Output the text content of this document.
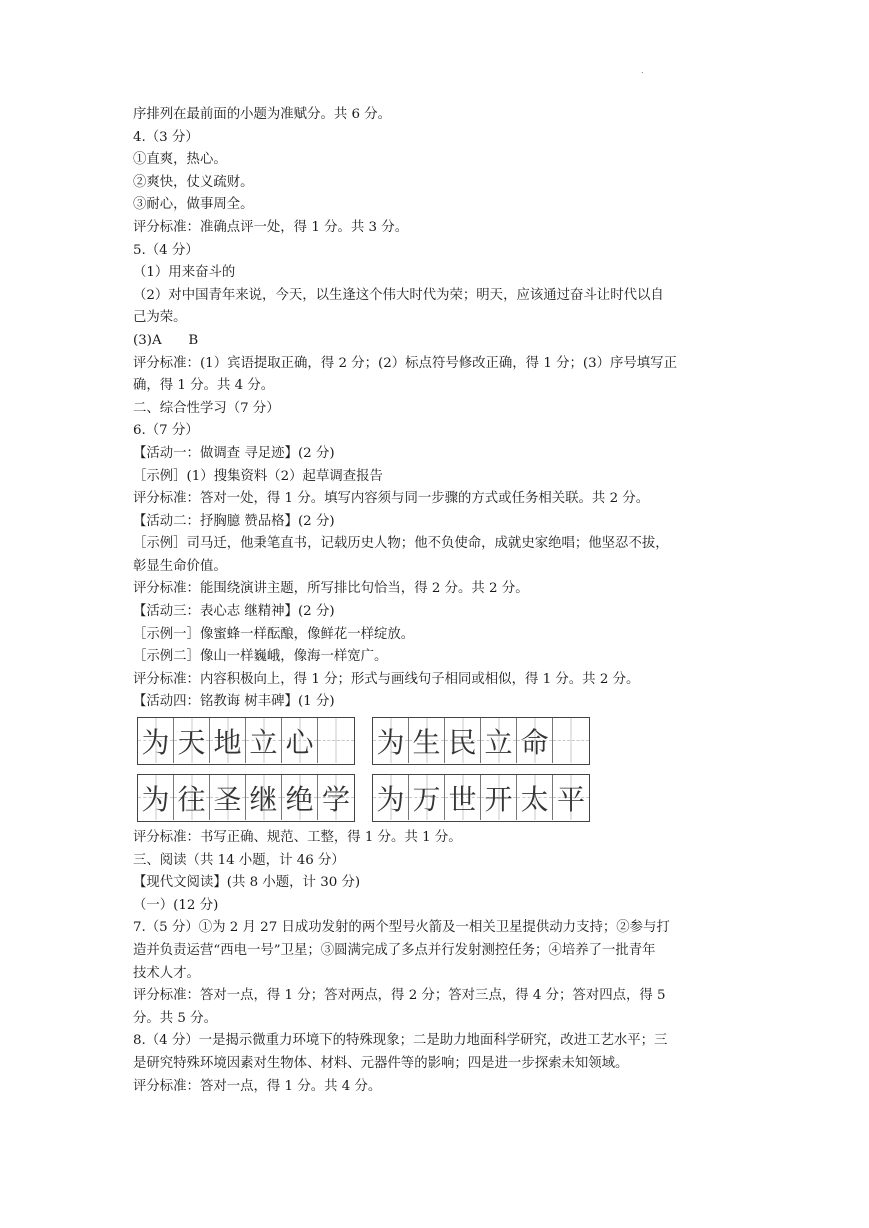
.
序排列在最前面的小题为准赋分。共 6 分。
4.（3 分）
①直爽，热心。
②爽快，仗义疏财。
③耐心，做事周全。
评分标准：准确点评一处，得 1 分。共 3 分。
5.（4 分）
（1）用来奋斗的
（2）对中国青年来说，今天，以生逢这个伟大时代为荣；明天，应该通过奋斗让时代以自
己为荣。
(3)A　　B
评分标准：(1）宾语提取正确，得 2 分；(2）标点符号修改正确，得 1 分；(3）序号填写正
确，得 1 分。共 4 分。
二、综合性学习（7 分）
6.（7 分）
【活动一：做调查 寻足迹】(2 分)
［示例］(1）搜集资料（2）起草调查报告
评分标准：答对一处，得 1 分。填写内容须与同一步骤的方式或任务相关联。共 2 分。
【活动二：抒胸臆 赞品格】(2 分)
［示例］司马迁，他秉笔直书，记载历史人物；他不负使命，成就史家绝唱；他坚忍不拔，
彰显生命价值。
评分标准：能围绕演讲主题，所写排比句恰当，得 2 分。共 2 分。
【活动三：表心志 继精神】(2 分)
［示例一］像蜜蜂一样酝酿，像鲜花一样绽放。
［示例二］像山一样巍峨，像海一样宽广。
评分标准：内容积极向上，得 1 分；形式与画线句子相同或相似，得 1 分。共 2 分。
【活动四：铭教诲 树丰碑】(1 分)
为 天 地 立 心 为 生 民 立 命
为 往 圣 继 绝 学 为 万 世 开 太 平
评分标准：书写正确、规范、工整，得 1 分。共 1 分。
三、阅读（共 14 小题，计 46 分）
【现代文阅读】(共 8 小题，计 30 分)
（一）(12 分)
7.（5 分）①为 2 月 27 日成功发射的两个型号火箭及一相关卫星提供动力支持；②参与打
造并负责运营“西电一号”卫星；③圆满完成了多点并行发射测控任务；④培养了一批青年
技术人才。
评分标准：答对一点，得 1 分；答对两点，得 2 分；答对三点，得 4 分；答对四点，得 5
分。共 5 分。
8.（4 分）一是揭示微重力环境下的特殊现象；二是助力地面科学研究，改进工艺水平；三
是研究特殊环境因素对生物体、材料、元器件等的影响；四是进一步探索未知领域。
评分标准：答对一点，得 1 分。共 4 分。
